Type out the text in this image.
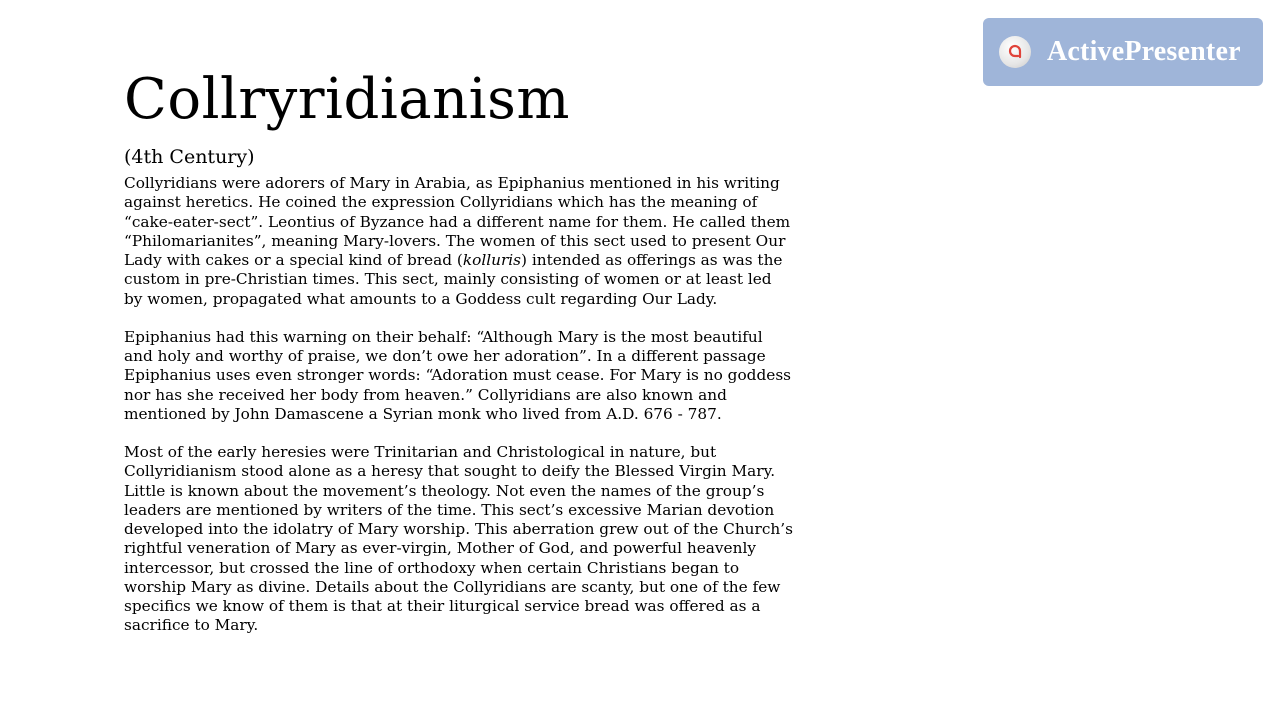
Collryridianism
(4th Century)

Collyridians were adorers of Mary in Arabia, as Epiphanius mentioned in his writing against heretics. He coined the expression Collyridians which has the meaning of “cake-eater-sect”. Leontius of Byzance had a different name for them. He called them “Philomarianites”, meaning Mary-lovers. The women of this sect used to present Our Lady with cakes or a special kind of bread (kolluris) intended as offerings as was the custom in pre-Christian times. This sect, mainly consisting of women or at least led by women, propagated what amounts to a Goddess cult regarding Our Lady.

Epiphanius had this warning on their behalf: “Although Mary is the most beautiful and holy and worthy of praise, we don’t owe her adoration”. In a different passage Epiphanius uses even stronger words: “Adoration must cease. For Mary is no goddess nor has she received her body from heaven.” Collyridians are also known and mentioned by John Damascene a Syrian monk who lived from A.D. 676 - 787.

Most of the early heresies were Trinitarian and Christological in nature, but Collyridianism stood alone as a heresy that sought to deify the Blessed Virgin Mary. Little is known about the movement’s theology. Not even the names of the group’s leaders are mentioned by writers of the time. This sect’s excessive Marian devotion developed into the idolatry of Mary worship. This aberration grew out of the Church’s rightful veneration of Mary as ever-virgin, Mother of God, and powerful heavenly intercessor, but crossed the line of orthodoxy when certain Christians began to worship Mary as divine. Details about the Collyridians are scanty, but one of the few specifics we know of them is that at their liturgical service bread was offered as a sacrifice to Mary.

ActivePresenter
